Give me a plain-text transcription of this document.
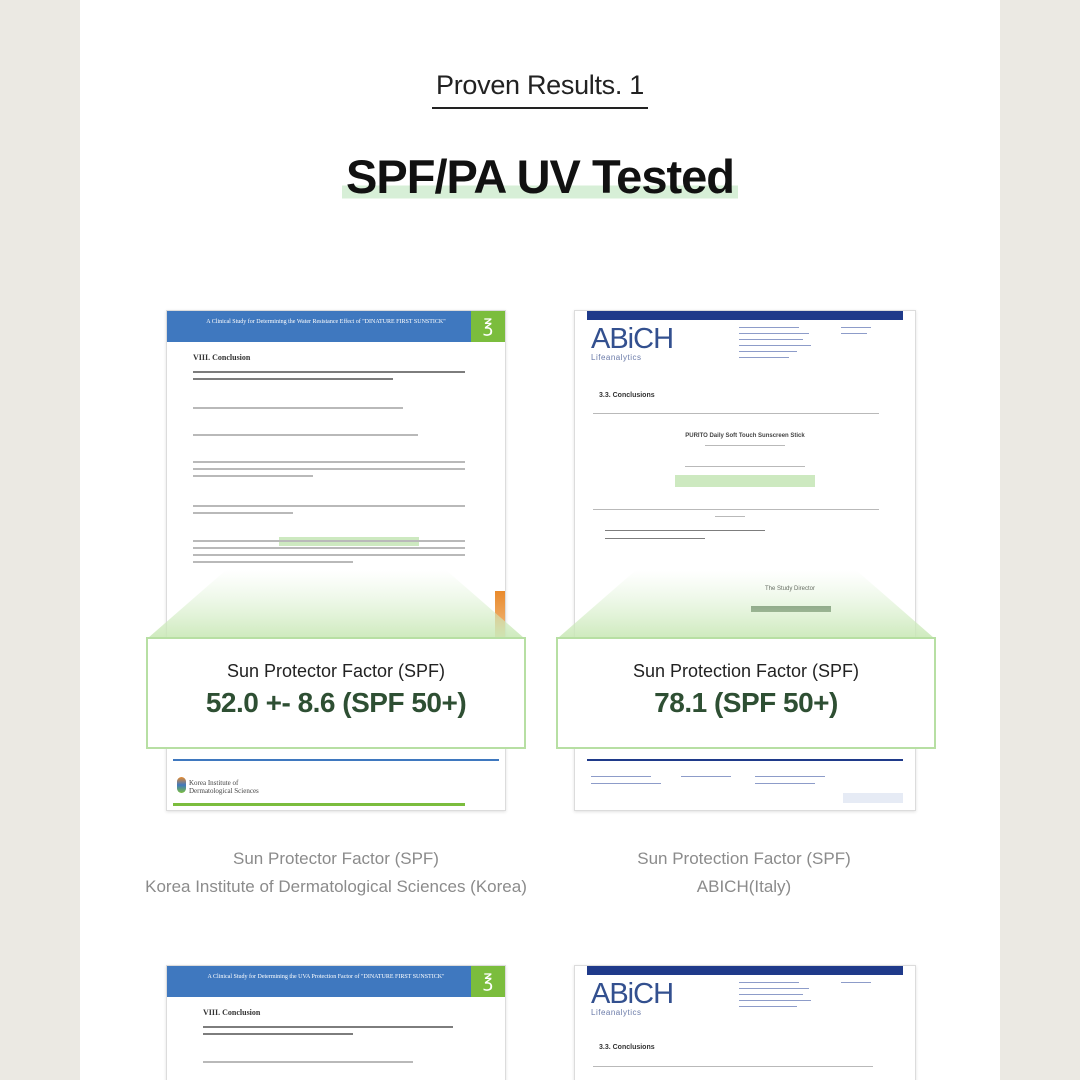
Proven Results. 1
SPF/PA UV Tested
A Clinical Study for Determining the Water Resistance Effect of "DINATURE FIRST SUNSTICK"	℥
VIII. Conclusion
Korea Institute of Dermatological Sciences
ABiCH
Lifeanalytics
3.3. Conclusions
PURITO Daily Soft Touch Sunscreen Stick
Sun Protector Factor (SPF)
52.0 +- 8.6 (SPF 50+)
Sun Protection Factor (SPF)
78.1 (SPF 50+)
Sun Protector Factor (SPF)
Korea Institute of Dermatological Sciences (Korea)
Sun Protection Factor (SPF)
ABICH(Italy)
A Clinical Study for Determining the UVA Protection Factor of "DINATURE FIRST SUNSTICK"	℥
VIII. Conclusion
ABiCH
Lifeanalytics
3.3. Conclusions
